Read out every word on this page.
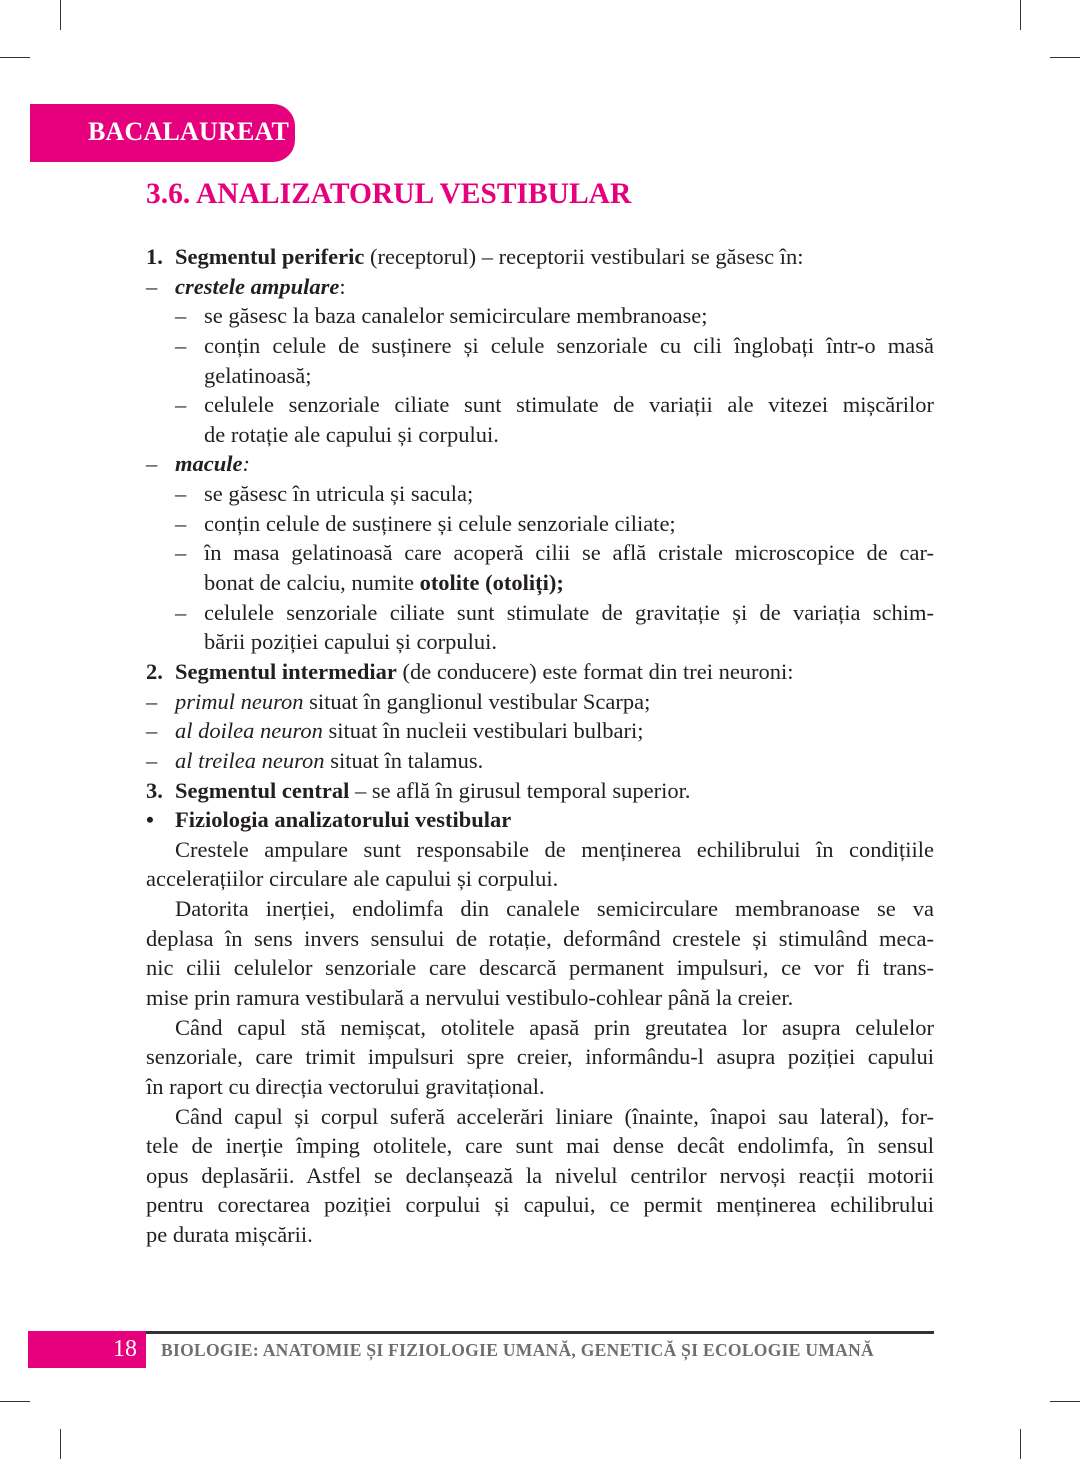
BACALAUREAT
3.6. ANALIZATORUL VESTIBULAR
1. Segmentul periferic (receptorul) – receptorii vestibulari se găsesc în:
– crestele ampulare:
– se găsesc la baza canalelor semicirculare membranoase;
– conțin celule de susținere și celule senzoriale cu cili înglobați într-o masă
gelatinoasă;
– celulele senzoriale ciliate sunt stimulate de variații ale vitezei mișcărilor
de rotație ale capului și corpului.
– macule:
– se găsesc în utricula și sacula;
– conțin celule de susținere și celule senzoriale ciliate;
– în masa gelatinoasă care acoperă cilii se află cristale microscopice de car-
bonat de calciu, numite otolite (otoliți);
– celulele senzoriale ciliate sunt stimulate de gravitație și de variația schim-
bării poziției capului și corpului.
2. Segmentul intermediar (de conducere) este format din trei neuroni:
– primul neuron situat în ganglionul vestibular Scarpa;
– al doilea neuron situat în nucleii vestibulari bulbari;
– al treilea neuron situat în talamus.
3. Segmentul central – se află în girusul temporal superior.
• Fiziologia analizatorului vestibular
Crestele ampulare sunt responsabile de menținerea echilibrului în condițiile
accelerațiilor circulare ale capului și corpului.
Datorita inerției, endolimfa din canalele semicirculare membranoase se va
deplasa în sens invers sensului de rotație, deformând crestele și stimulând meca-
nic cilii celulelor senzoriale care descarcă permanent impulsuri, ce vor fi trans-
mise prin ramura vestibulară a nervului vestibulo-cohlear până la creier.
Când capul stă nemișcat, otolitele apasă prin greutatea lor asupra celulelor
senzoriale, care trimit impulsuri spre creier, informându-l asupra poziției capului
în raport cu direcția vectorului gravitațional.
Când capul și corpul suferă accelerări liniare (înainte, înapoi sau lateral), for-
tele de inerție împing otolitele, care sunt mai dense decât endolimfa, în sensul
opus deplasării. Astfel se declanșează la nivelul centrilor nervoși reacții motorii
pentru corectarea poziției corpului și capului, ce permit menținerea echilibrului
pe durata mișcării.
18 BIOLOGIE: ANATOMIE ȘI FIZIOLOGIE UMANĂ, GENETICĂ ȘI ECOLOGIE UMANĂ
